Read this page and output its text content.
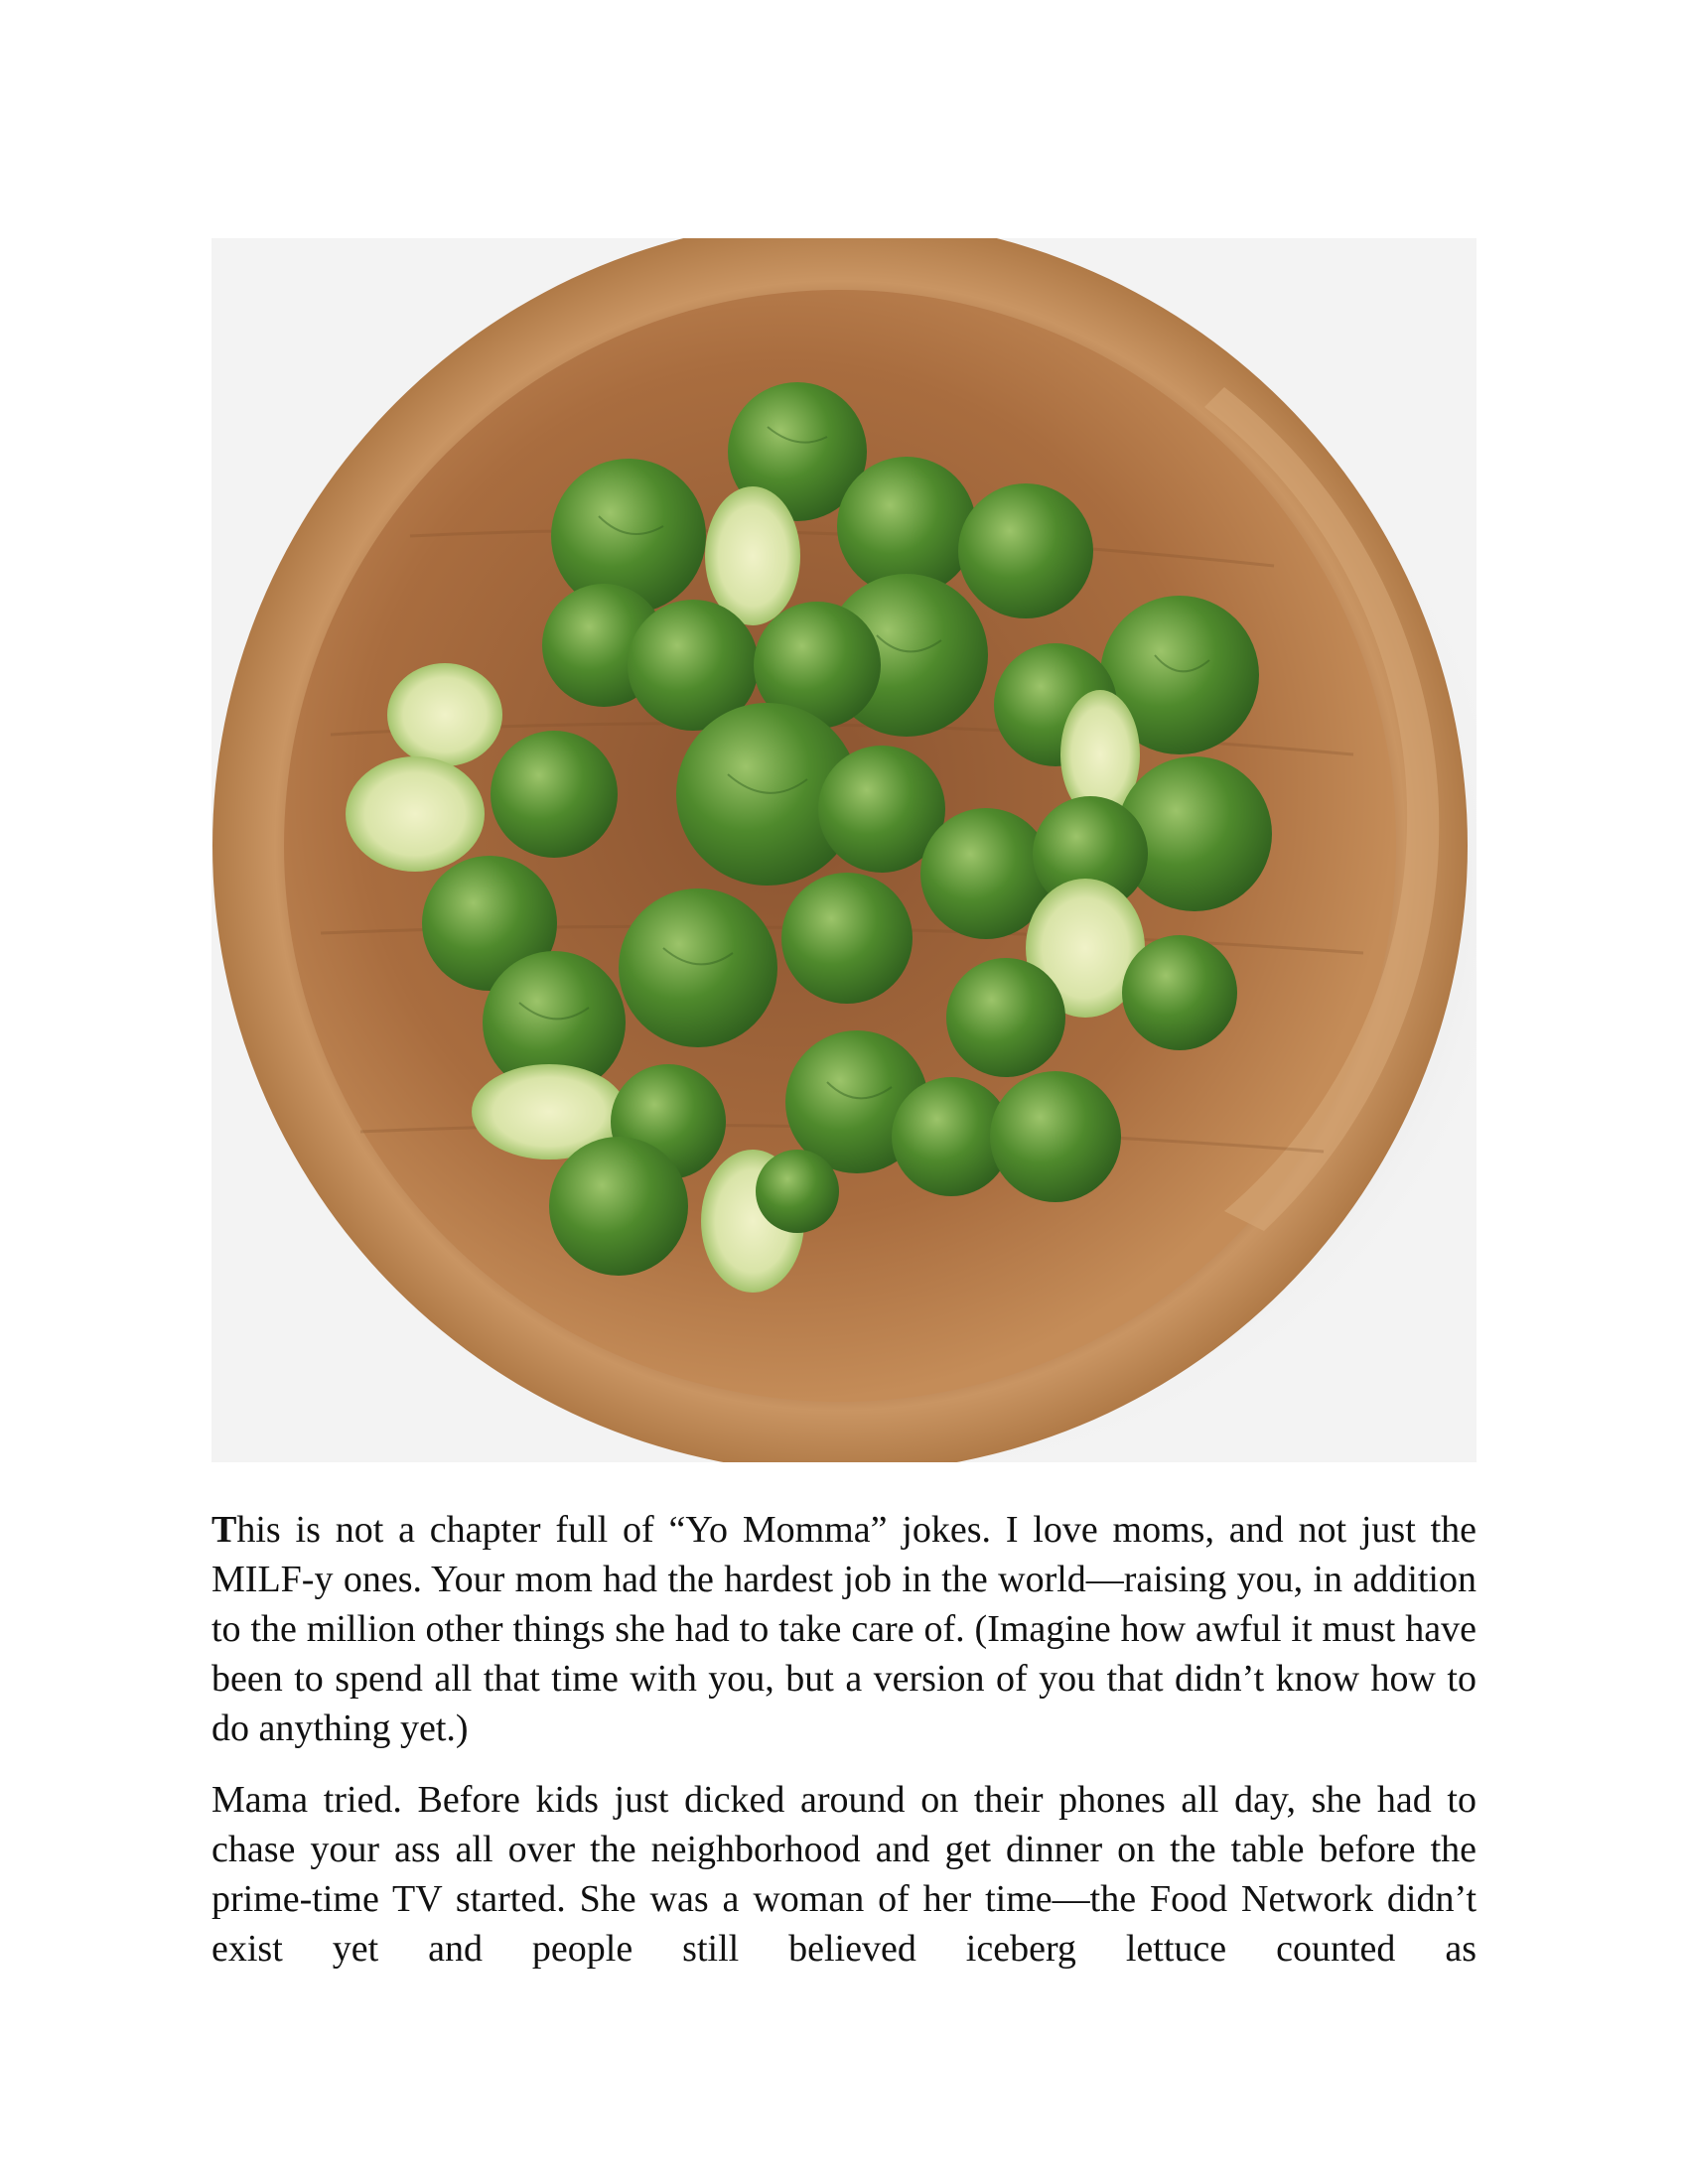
This is not a chapter full of “Yo Momma” jokes. I love moms, and not just the MILF-y ones. Your mom had the hardest job in the world—raising you, in addition to the million other things she had to take care of. (Imagine how awful it must have been to spend all that time with you, but a version of you that didn’t know how to do anything yet.)

Mama tried. Before kids just dicked around on their phones all day, she had to chase your ass all over the neighborhood and get dinner on the table before the prime-time TV started. She was a woman of her time—the Food Network didn’t exist yet and people still believed iceberg lettuce counted as
